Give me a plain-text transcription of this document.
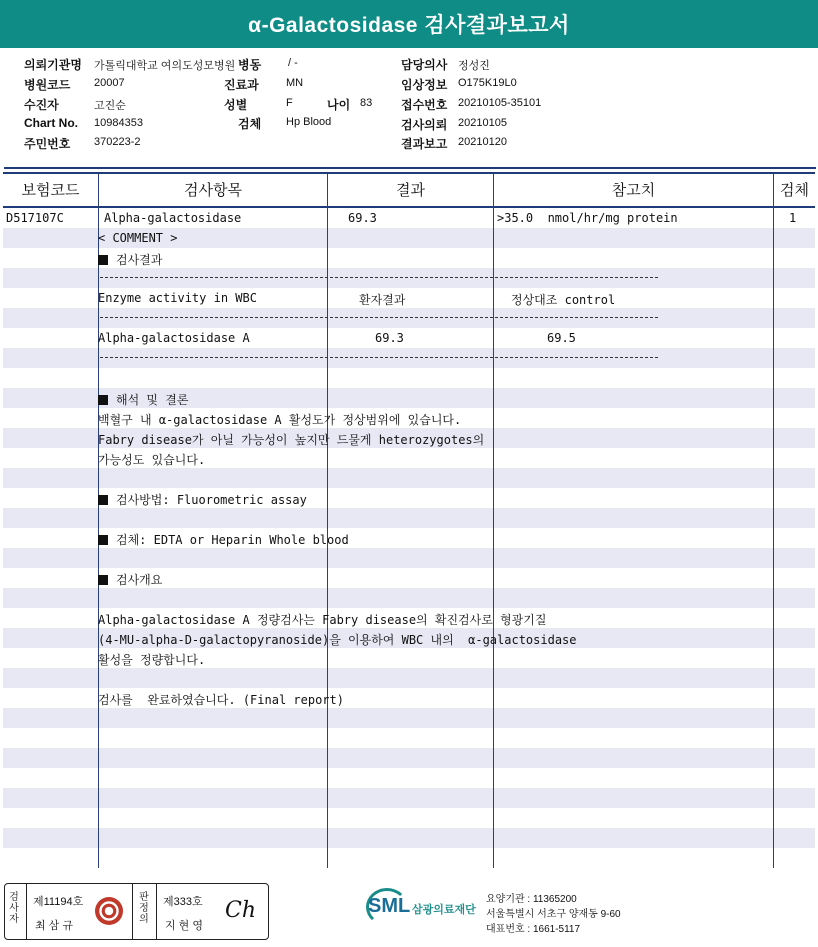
α-Galactosidase 검사결과보고서
의뢰기관명 가톨릭대학교 여의도성모병원 병동 / -
병원코드 20007	진료과 MN
수진자	고진순	성별	F	나이 83
Chart No. 10984353	검체 Hp Blood
주민번호 370223-2
담당의사 정성진
임상정보 O175K19L0
접수번호 20210105-35101
검사의뢰 20210105
결과보고 20210120
보험코드	검사항목	결과	참고치	검체
D517107C	Alpha-galactosidase	69.3	>35.0  nmol/hr/mg protein	1
< COMMENT >
검사결과
Enzyme activity in WBC	환자결과	정상대조 control
Alpha-galactosidase A	69.3	69.5
해석 및 결론
백혈구 내 α-galactosidase A 활성도가 정상범위에 있습니다.
Fabry disease가 아닐 가능성이 높지만 드물게 heterozygotes의
가능성도 있습니다.
검사방법: Fluorometric assay
검체: EDTA or Heparin Whole blood
검사개요
Alpha-galactosidase A 정량검사는 Fabry disease의 확진검사로 형광기질
(4-MU-alpha-D-galactopyranoside)을 이용하여 WBC 내의  α-galactosidase
활성을 정량합니다.
검사를  완료하였습니다. (Final report)
검사자
제11194호
최 삼 규
판정의
제333호
지 현 영
Ch	SML 삼광의료재단
요양기관 : 11365200
서울특별시 서초구 양재동 9-60
대표번호 : 1661-5117
